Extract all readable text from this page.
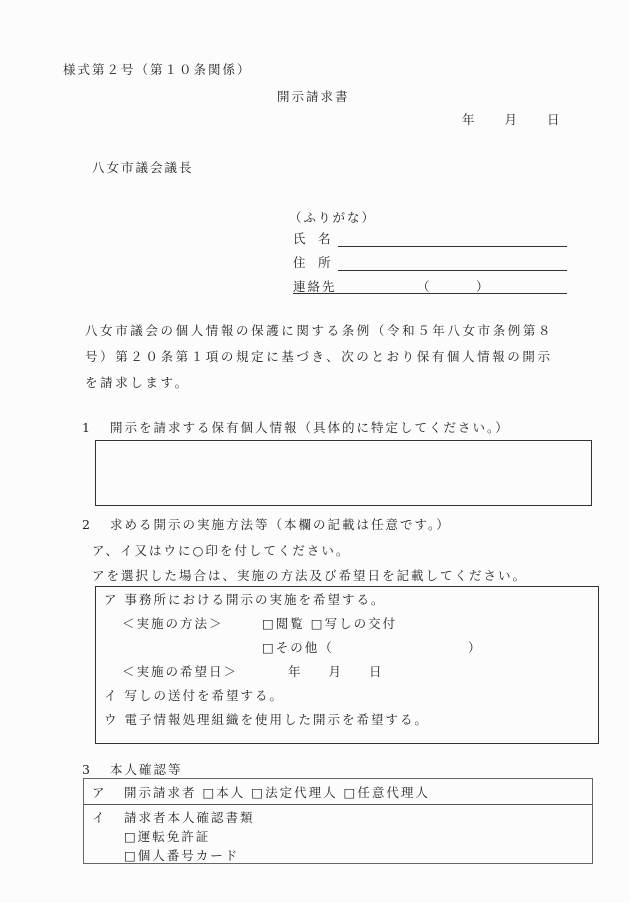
様式第２号（第１０条関係）
開示請求書
年 月 日
八女市議会議長
（ふりがな）
氏　名
住　所
連絡先	（	）
八女市議会の個人情報の保護に関する条例（令和５年八女市条例第８
号）第２０条第１項の規定に基づき、次のとおり保有個人情報の開示
を請求します。
1 開示を請求する保有個人情報（具体的に特定してください。）
2 求める開示の実施方法等（本欄の記載は任意です。）
ア、イ又はウに○印を付してください。
アを選択した場合は、実施の方法及び希望日を記載してください。
ア 事務所における開示の実施を希望する。
＜実施の方法＞	□閲覧 □写しの交付
□その他（	）
＜実施の希望日＞	年 月 日
イ 写しの送付を希望する。
ウ 電子情報処理組織を使用した開示を希望する。
3 本人確認等
ア 開示請求者 □本人 □法定代理人 □任意代理人
イ 請求者本人確認書類
□運転免許証
□個人番号カード
